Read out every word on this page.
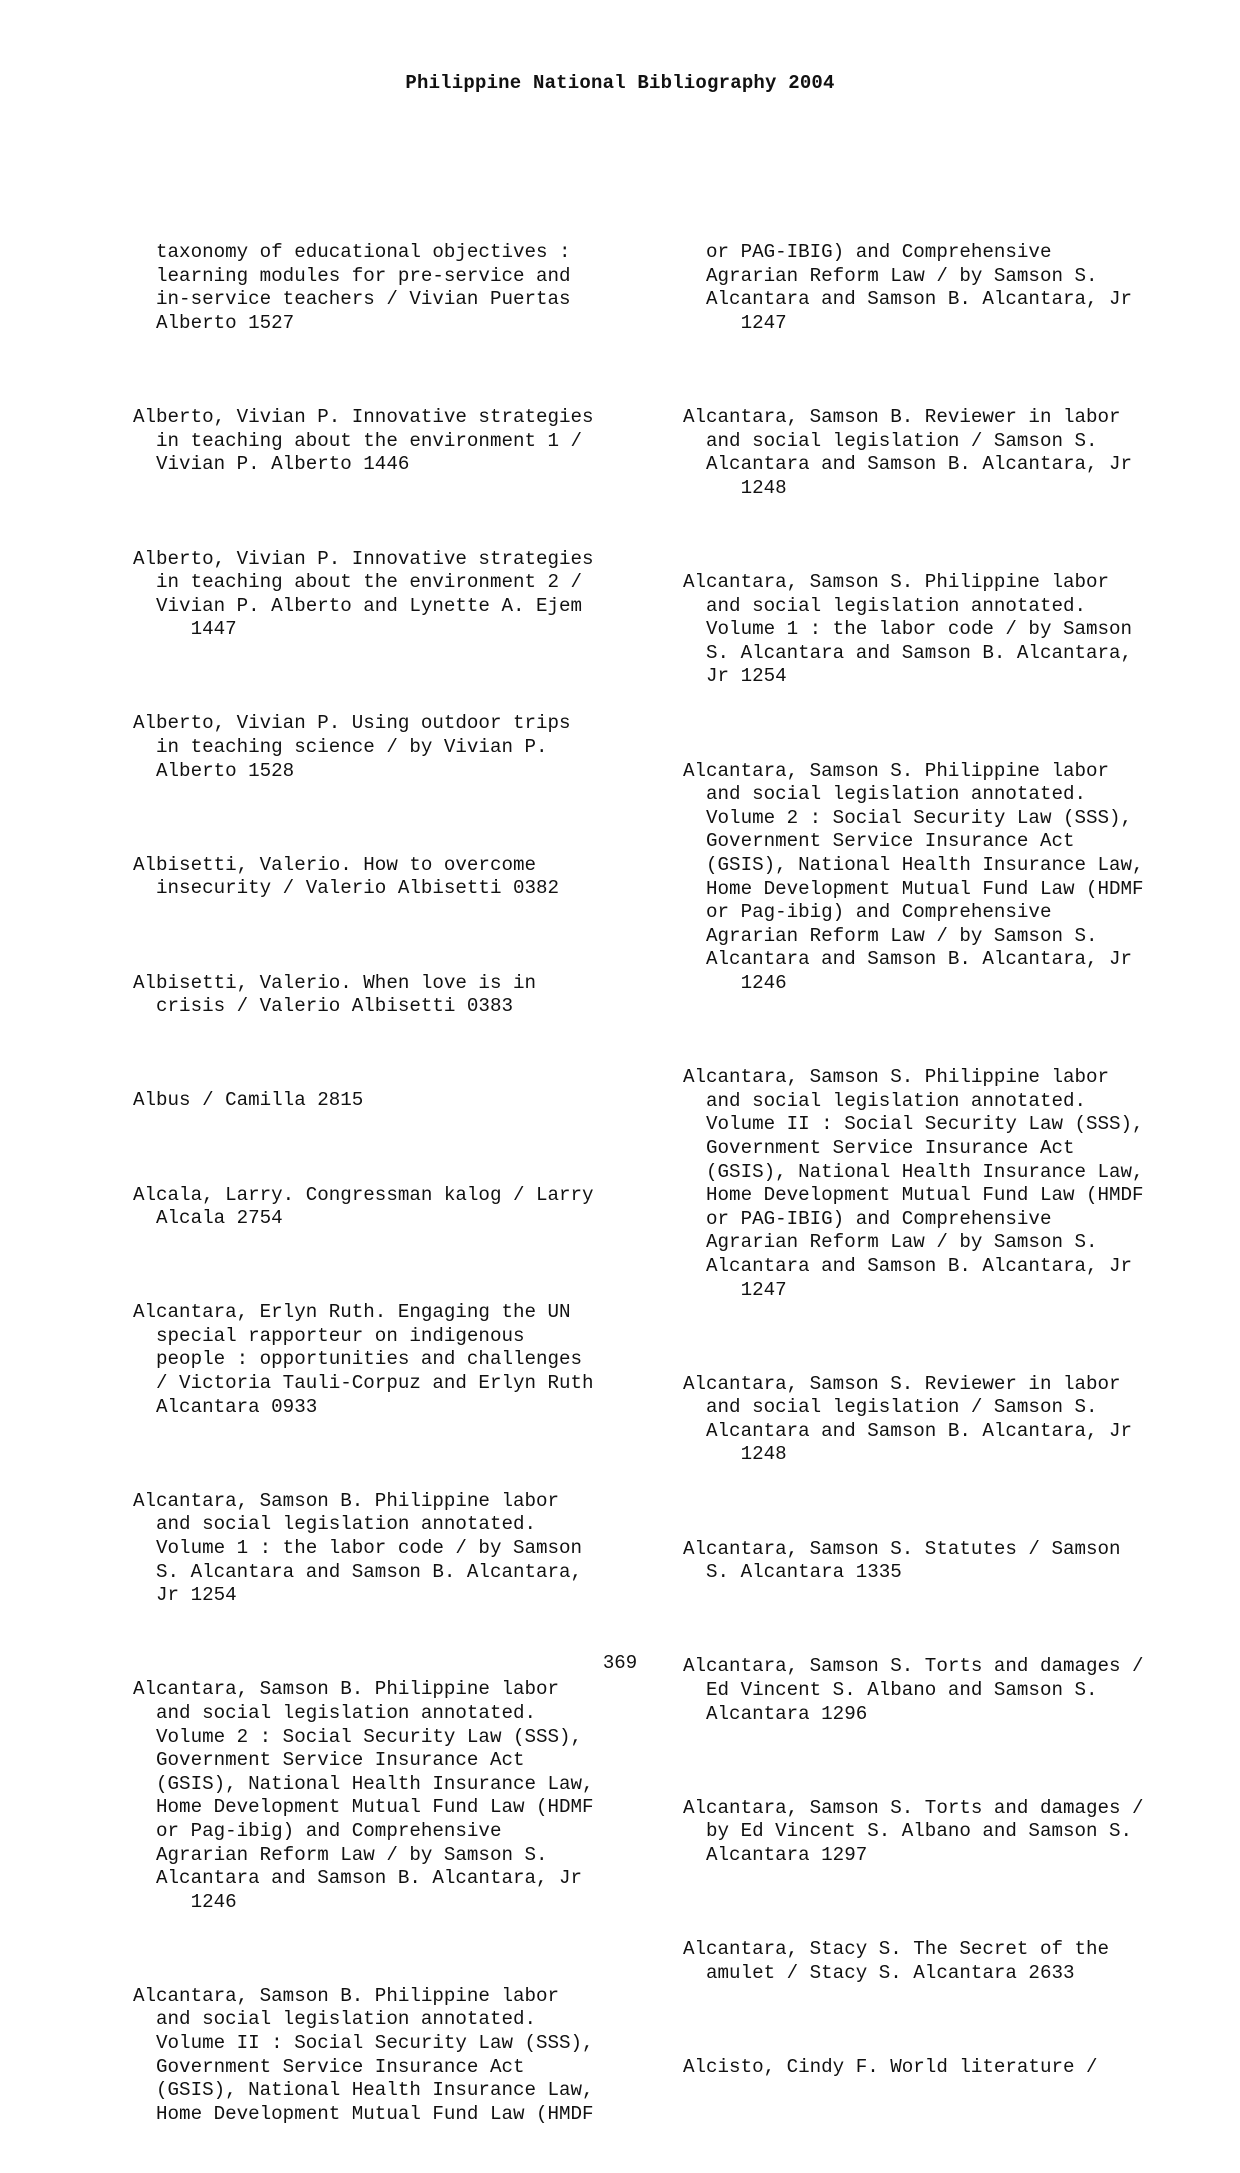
Philippine National Bibliography 2004

taxonomy of educational objectives :
learning modules for pre-service and
in-service teachers / Vivian Puertas
Alberto 1527

Alberto, Vivian P. Innovative strategies
in teaching about the environment 1 /
Vivian P. Alberto 1446

Alberto, Vivian P. Innovative strategies
in teaching about the environment 2 /
Vivian P. Alberto and Lynette A. Ejem
1447

Alberto, Vivian P. Using outdoor trips
in teaching science / by Vivian P.
Alberto 1528

Albisetti, Valerio. How to overcome
insecurity / Valerio Albisetti 0382

Albisetti, Valerio. When love is in
crisis / Valerio Albisetti 0383

Albus / Camilla 2815

Alcala, Larry. Congressman kalog / Larry
Alcala 2754

Alcantara, Erlyn Ruth. Engaging the UN
special rapporteur on indigenous
people : opportunities and challenges
/ Victoria Tauli-Corpuz and Erlyn Ruth
Alcantara 0933

Alcantara, Samson B. Philippine labor
and social legislation annotated.
Volume 1 : the labor code / by Samson
S. Alcantara and Samson B. Alcantara,
Jr 1254

Alcantara, Samson B. Philippine labor
and social legislation annotated.
Volume 2 : Social Security Law (SSS),
Government Service Insurance Act
(GSIS), National Health Insurance Law,
Home Development Mutual Fund Law (HDMF
or Pag-ibig) and Comprehensive
Agrarian Reform Law / by Samson S.
Alcantara and Samson B. Alcantara, Jr
1246

Alcantara, Samson B. Philippine labor
and social legislation annotated.
Volume II : Social Security Law (SSS),
Government Service Insurance Act
(GSIS), National Health Insurance Law,
Home Development Mutual Fund Law (HMDF

or PAG-IBIG) and Comprehensive
Agrarian Reform Law / by Samson S.
Alcantara and Samson B. Alcantara, Jr
1247

Alcantara, Samson B. Reviewer in labor
and social legislation / Samson S.
Alcantara and Samson B. Alcantara, Jr
1248

Alcantara, Samson S. Philippine labor
and social legislation annotated.
Volume 1 : the labor code / by Samson
S. Alcantara and Samson B. Alcantara,
Jr 1254

Alcantara, Samson S. Philippine labor
and social legislation annotated.
Volume 2 : Social Security Law (SSS),
Government Service Insurance Act
(GSIS), National Health Insurance Law,
Home Development Mutual Fund Law (HDMF
or Pag-ibig) and Comprehensive
Agrarian Reform Law / by Samson S.
Alcantara and Samson B. Alcantara, Jr
1246

Alcantara, Samson S. Philippine labor
and social legislation annotated.
Volume II : Social Security Law (SSS),
Government Service Insurance Act
(GSIS), National Health Insurance Law,
Home Development Mutual Fund Law (HMDF
or PAG-IBIG) and Comprehensive
Agrarian Reform Law / by Samson S.
Alcantara and Samson B. Alcantara, Jr
1247

Alcantara, Samson S. Reviewer in labor
and social legislation / Samson S.
Alcantara and Samson B. Alcantara, Jr
1248

Alcantara, Samson S. Statutes / Samson
S. Alcantara 1335

Alcantara, Samson S. Torts and damages /
Ed Vincent S. Albano and Samson S.
Alcantara 1296

Alcantara, Samson S. Torts and damages /
by Ed Vincent S. Albano and Samson S.
Alcantara 1297

Alcantara, Stacy S. The Secret of the
amulet / Stacy S. Alcantara 2633

Alcisto, Cindy F. World literature /

369
